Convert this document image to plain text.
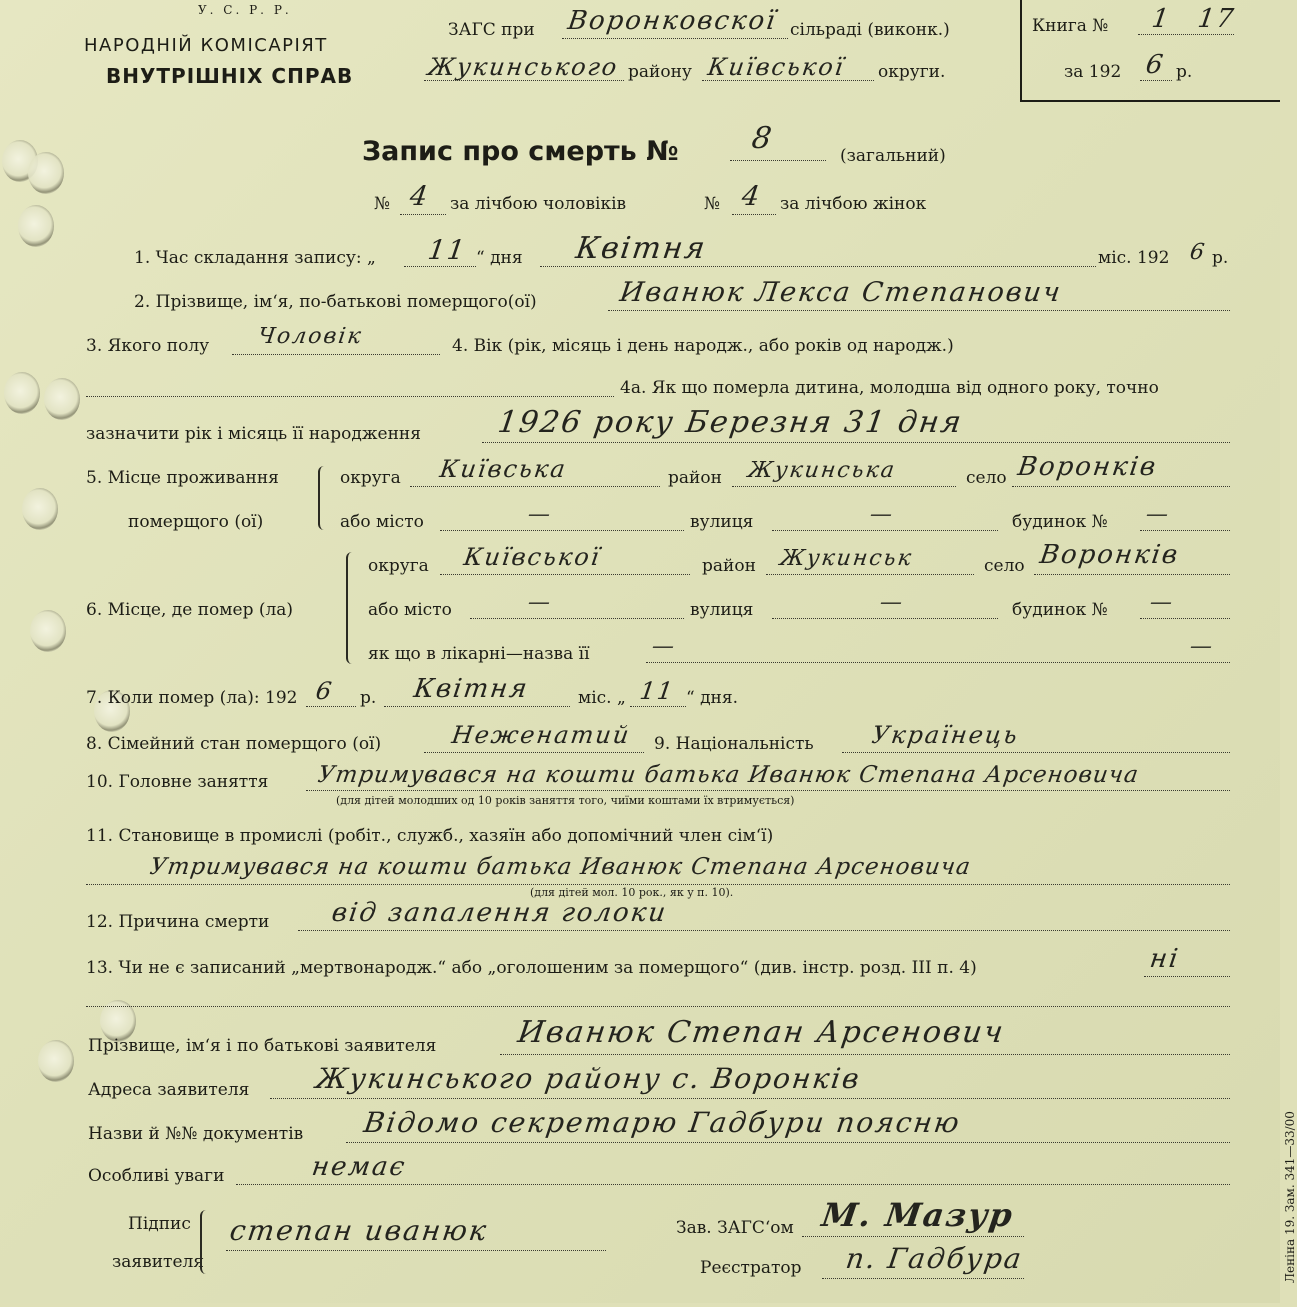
У. С. Р. Р.
НАРОДНІЙ КОМІСАРІЯТ
ВНУТРІШНІХ СПРАВ
ЗАГС при Воронковскої сільраді (виконк.)
Жукинського району Київської округи.
Книга № 1 17
за 192 6 р.
Запис про смерть № 8	(загальний)
№ 4 за лічбою чоловіків	№ 4 за лічбою жінок
1. Час складання запису: „ 11 “ дня Квітня	міс. 192 6 р.
2. Прізвище, ім‘я, по-батькові померщого(ої)	Иванюк Лекса Степанович
3. Якого полу Чоловік	4. Вік (рік, місяць і день народж., або років од народж.)
4а. Як що померла дитина, молодша від одного року, точно
зазначити рік і місяць її народження 1926 року Березня 31 дня
5. Місце проживання
померщого (ої)
округа Київська	район Жукинська	село Воронків
або місто	—	вулиця	—	будинок № —
6. Місце, де помер (ла)
округа Київської	район Жукинськ	село Воронків
або місто	—	вулиця	—	будинок № —
як що в лікарні—назва її	—	—
7. Коли помер (ла): 192 6 р. Квітня	міс. „ 11 “ дня.
8. Сімейний стан померщого (ої)	Неженатий 9. Національність Українець
10. Головне заняття Утримувався на кошти батька Иванюк Степана Арсеновича
(для дітей молодших од 10 років заняття того, чиїми коштами їх втримується)
11. Становище в промислі (робіт., служб., хазяїн або допомічний член сім‘ї)
Утримувався на кошти батька Иванюк Степана Арсеновича
(для дітей мол. 10 рок., як у п. 10).
12. Причина смерти від запалення голоки
13. Чи не є записаний „мертвонародж.“ або „оголошеним за померщого“ (див. інстр. розд. III п. 4)	ні
Прізвище, ім‘я і по батькові заявителя	Иванюк Степан Арсенович
Адреса заявителя Жукинського району с. Воронків
Назви й №№ документів Відомо секретарю Гадбури поясню
Особливі уваги	немає
Підпис
заявителя
степан иванюк	Зав. ЗАГС‘ом М. Мазур
Реєстратор п. Гадбура	Леніна 19. Зам. 341—33/00
